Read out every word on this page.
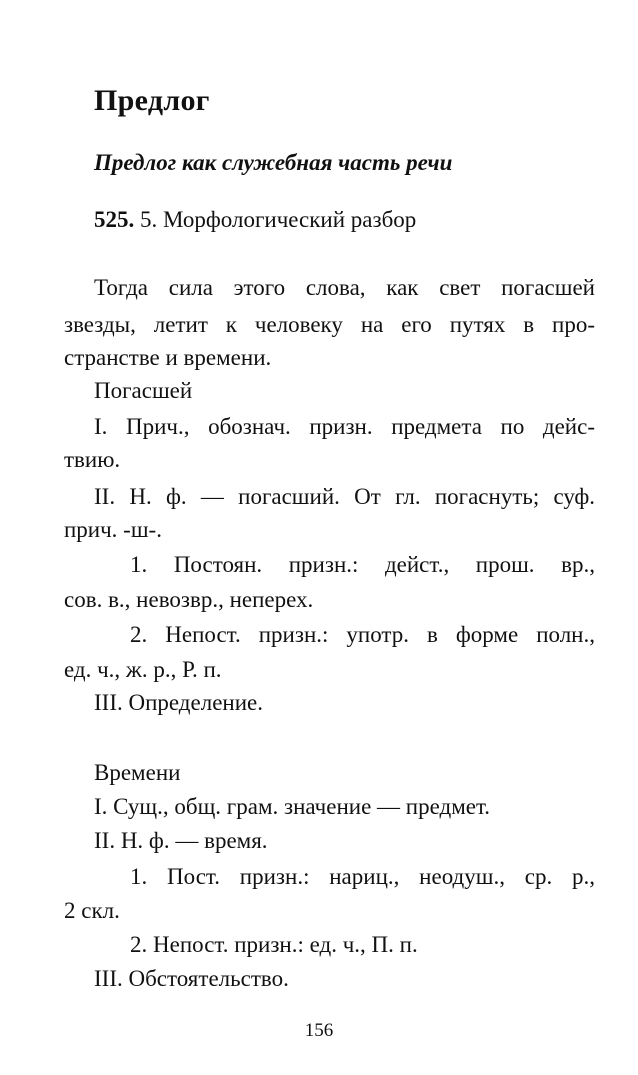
Предлог
Предлог как служебная часть речи
525. 5. Морфологический разбор
Тогда сила этого слова, как свет погасшей
звезды, летит к человеку на его путях в про-
странстве и времени.
Погасшей
I. Прич., обознач. призн. предмета по дейс-
твию.
II. Н. ф. — погасший. От гл. погаснуть; суф.
прич. -ш-.
1. Постоян. призн.: дейст., прош. вр.,
сов. в., невозвр., неперех.
2. Непост. призн.: употр. в форме полн.,
ед. ч., ж. р., Р. п.
III. Определение.
Времени
I. Сущ., общ. грам. значение — предмет.
II. Н. ф. — время.
1. Пост. призн.: нариц., неодуш., ср. р.,
2 скл.
2. Непост. призн.: ед. ч., П. п.
III. Обстоятельство.
156
